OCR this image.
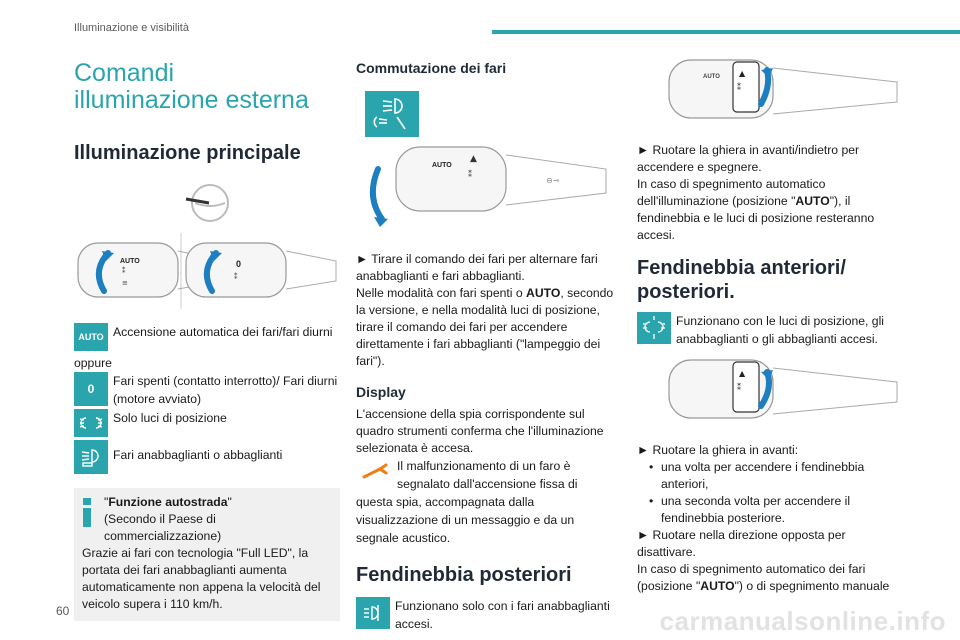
Illuminazione e visibilità
Comandi illuminazione esterna
Illuminazione principale
AUTO
⁑
≡
0
⁑
AUTO Accensione automatica dei fari/fari diurni
oppure
0
Fari spenti (contatto interrotto)/ Fari diurni (motore avviato)
Solo luci di posizione
Fari anabbaglianti o abbaglianti

"Funzione autostrada"

(Secondo il Paese di commercializzazione)

Grazie ai fari con tecnologia "Full LED", la portata dei fari anabbaglianti aumenta automaticamente non appena la velocità del veicolo supera i 110 km/h.

Commutazione dei fari
⊖⊸
AUTO
▲
⁑

► Tirare il comando dei fari per alternare fari anabbaglianti e fari abbaglianti.

Nelle modalità con fari spenti o AUTO, secondo la versione, e nella modalità luci di posizione, tirare il comando dei fari per accendere direttamente i fari abbaglianti ("lampeggio dei fari").

Display

L'accensione della spia corrispondente sul quadro strumenti conferma che l'illuminazione selezionata è accesa.

Il malfunzionamento di un faro è segnalato dall'accensione fissa di questa spia, accompagnata dalla visualizzazione di un messaggio e da un segnale acustico.
Fendinebbia posteriori
Funzionano solo con i fari anabbaglianti accesi.
AUTO ▲
⁑

► Ruotare la ghiera in avanti/indietro per accendere e spegnere.

In caso di spegnimento automatico dell'illuminazione (posizione "AUTO"), il fendinebbia e le luci di posizione resteranno accesi.

Fendinebbia anteriori/ posteriori.
Funzionano con le luci di posizione, gli anabbaglianti o gli abbaglianti accesi.
▲
⁑

► Ruotare la ghiera in avanti:

• una volta per accendere i fendinebbia anteriori,
• una seconda volta per accendere il fendinebbia posteriore.

► Ruotare nella direzione opposta per disattivare.

In caso di spegnimento automatico dei fari (posizione "AUTO") o di spegnimento manuale

60	carmanualsonline.info
